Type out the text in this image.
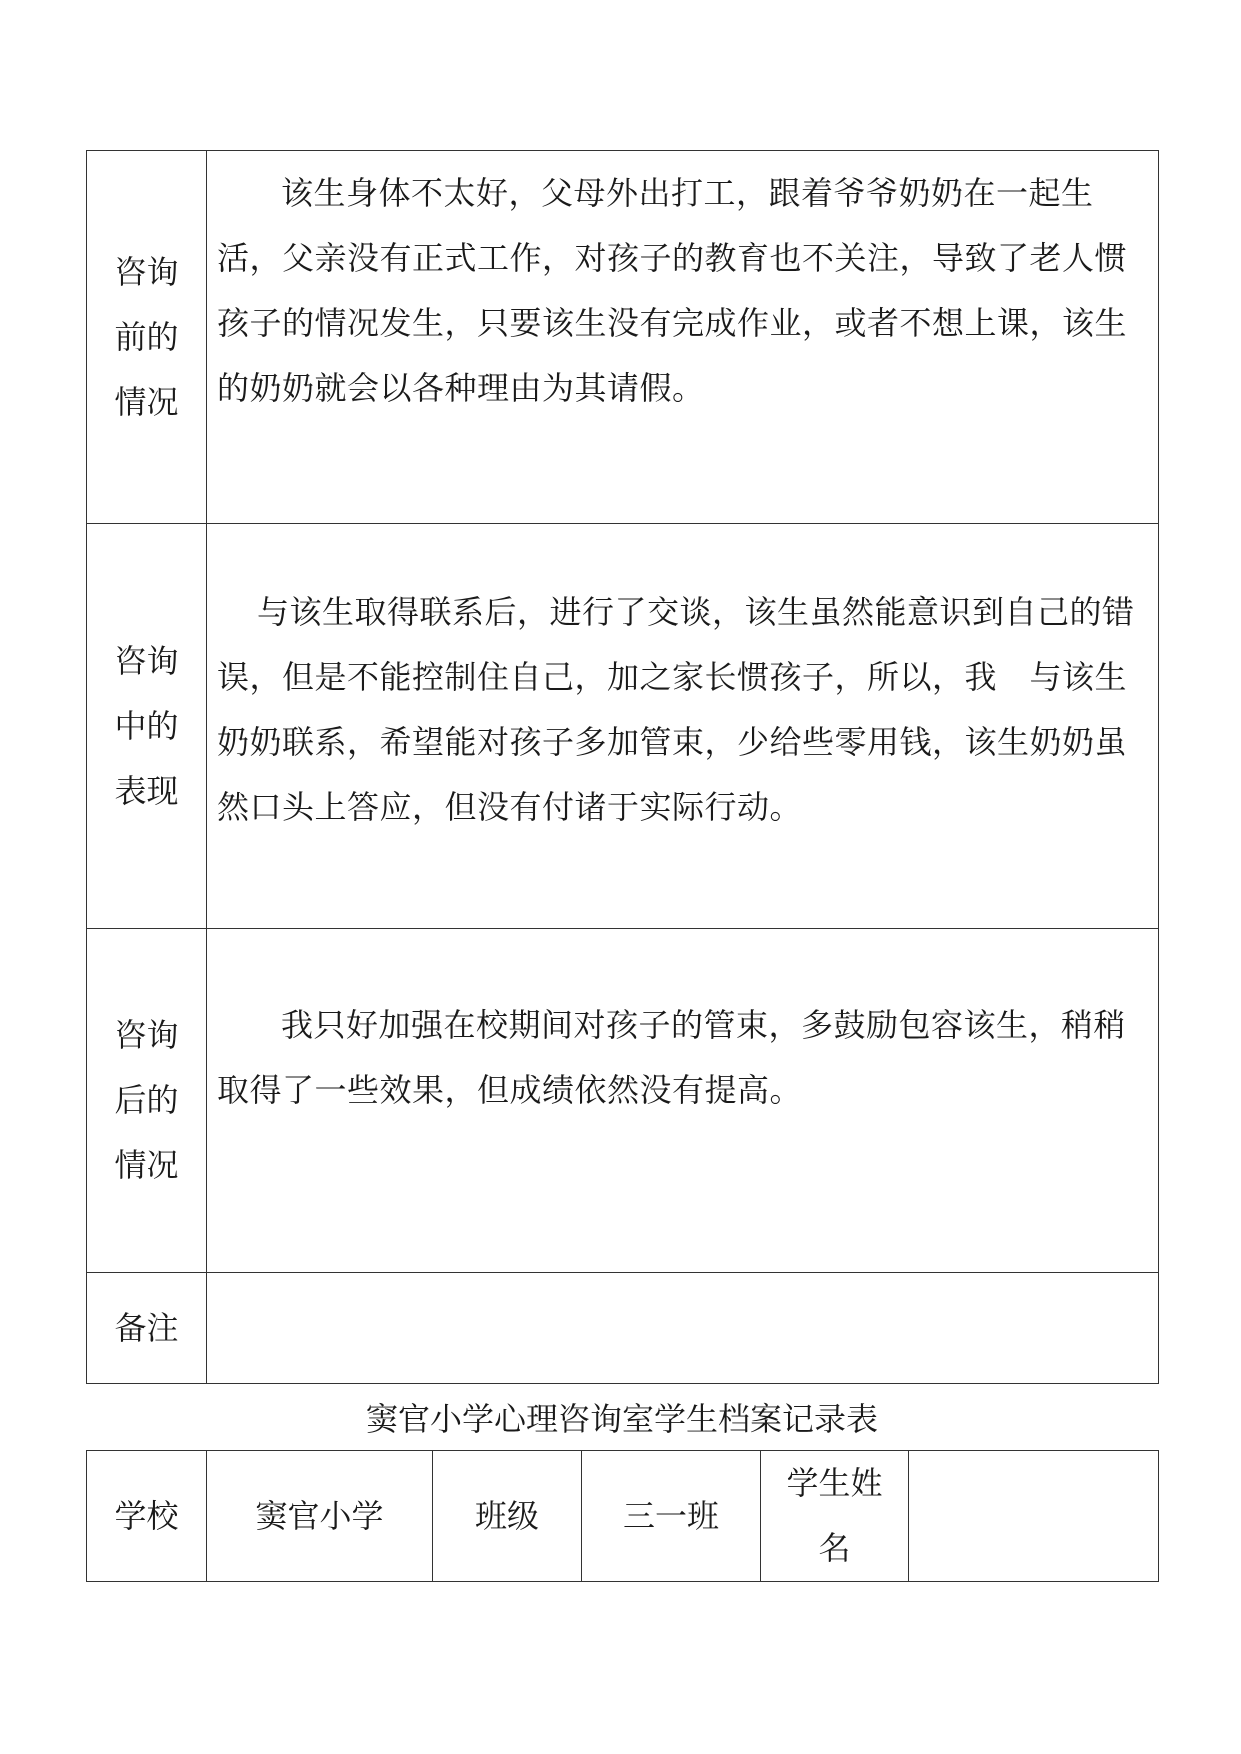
咨询前的情况	该生身体不太好，父母外出打工，跟着爷爷奶奶在一起生活，父亲没有正式工作，对孩子的教育也不关注，导致了老人惯孩子的情况发生，只要该生没有完成作业，或者不想上课，该生的奶奶就会以各种理由为其请假。

咨询中的表现	与该生取得联系后，进行了交谈，该生虽然能意识到自己的错误，但是不能控制住自己，加之家长惯孩子，所以，我　与该生奶奶联系，希望能对孩子多加管束，少给些零用钱，该生奶奶虽然口头上答应，但没有付诸于实际行动。

咨询后的情况	我只好加强在校期间对孩子的管束，多鼓励包容该生，稍稍取得了一些效果，但成绩依然没有提高。

备注	
窦官小学心理咨询室学生档案记录表
学校	窦官小学	班级	三一班	学生姓名	
